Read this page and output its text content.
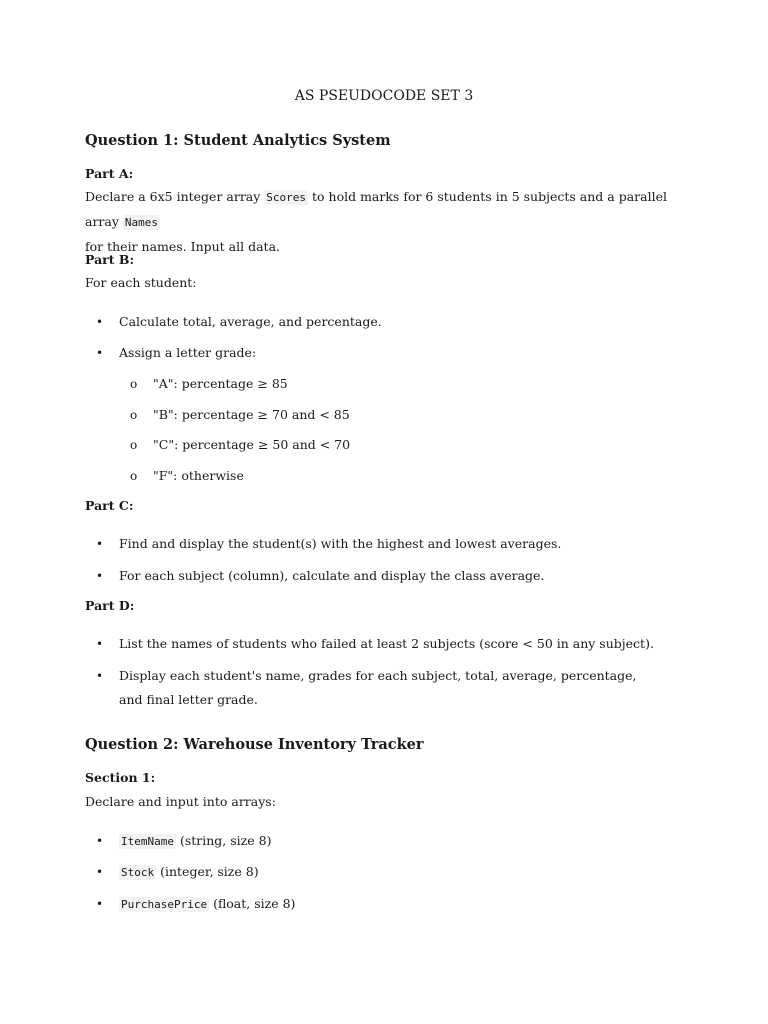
AS PSEUDOCODE SET 3
Question 1: Student Analytics System
Part A:
Declare a 6x5 integer array Scores to hold marks for 6 students in 5 subjects and a parallel array Names
for their names. Input all data.
Part B:
For each student:
• Calculate total, average, and percentage.
• Assign a letter grade:
o "A": percentage ≥ 85
o "B": percentage ≥ 70 and < 85
o "C": percentage ≥ 50 and < 70
o "F": otherwise
Part C:
• Find and display the student(s) with the highest and lowest averages.
• For each subject (column), calculate and display the class average.
Part D:
• List the names of students who failed at least 2 subjects (score < 50 in any subject).
• Display each student's name, grades for each subject, total, average, percentage, and final letter grade.
Question 2: Warehouse Inventory Tracker
Section 1:
Declare and input into arrays:
• ItemName (string, size 8)
• Stock (integer, size 8)
• PurchasePrice (float, size 8)
